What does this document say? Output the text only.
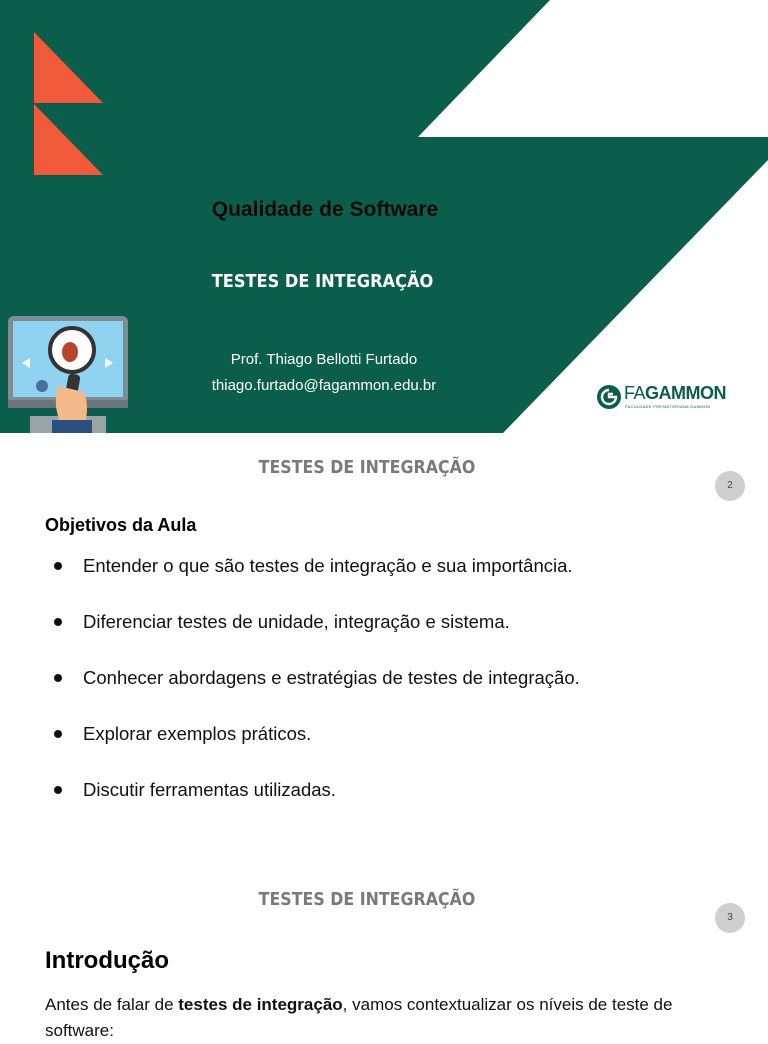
Qualidade de Software
TESTES DE INTEGRAÇÃO
Prof. Thiago Bellotti Furtado
thiago.furtado@fagammon.edu.br	FAGAMMON
FACULDADE PRESBITERIANA GAMMON
TESTES DE INTEGRAÇÃO
2
Objetivos da Aula
Entender o que são testes de integração e sua importância.
Diferenciar testes de unidade, integração e sistema.
Conhecer abordagens e estratégias de testes de integração.
Explorar exemplos práticos.
Discutir ferramentas utilizadas.
TESTES DE INTEGRAÇÃO
3
Introdução
Antes de falar de testes de integração, vamos contextualizar os níveis de teste de software:
